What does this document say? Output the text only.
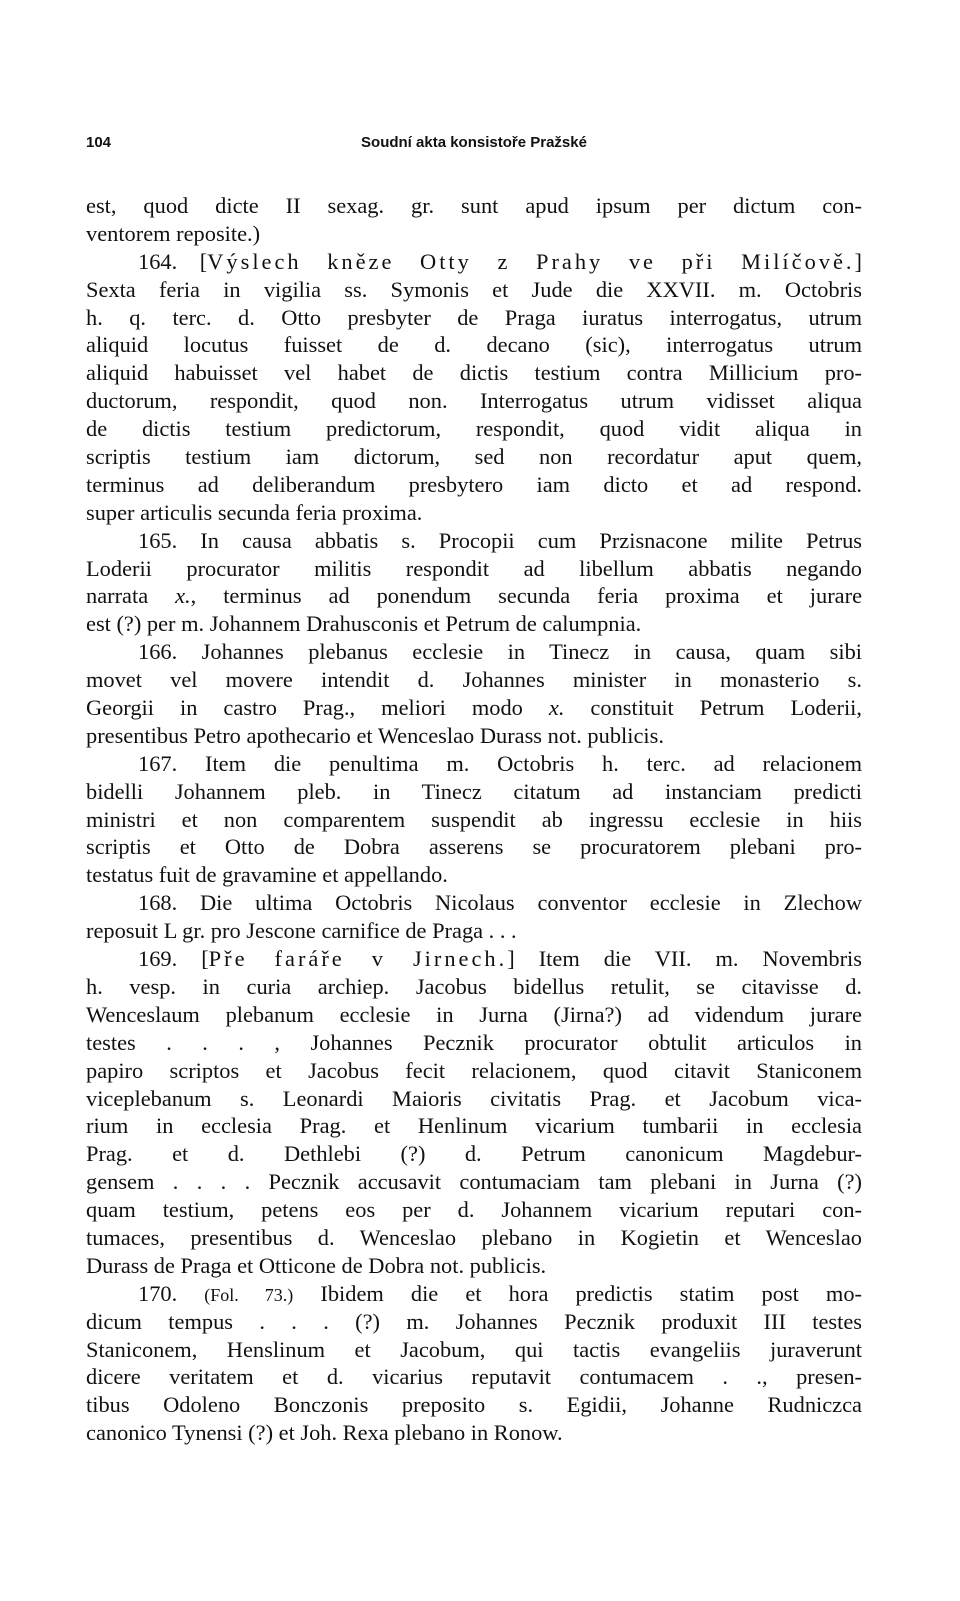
104	Soudní akta konsistoře Pražské
est, quod dicte II sexag. gr. sunt apud ipsum per dictum con-
ventorem reposite.)
164. [Výslech kněze Otty z Prahy ve při Milíčově.]
Sexta feria in vigilia ss. Symonis et Jude die XXVII. m. Octobris
h. q. terc. d. Otto presbyter de Praga iuratus interrogatus, utrum
aliquid locutus fuisset de d. decano (sic), interrogatus utrum
aliquid habuisset vel habet de dictis testium contra Millicium pro-
ductorum, respondit, quod non. Interrogatus utrum vidisset aliqua
de dictis testium predictorum, respondit, quod vidit aliqua in
scriptis testium iam dictorum, sed non recordatur aput quem,
terminus ad deliberandum presbytero iam dicto et ad respond.
super articulis secunda feria proxima.
165. In causa abbatis s. Procopii cum Przisnacone milite Petrus
Loderii procurator militis respondit ad libellum abbatis negando
narrata x., terminus ad ponendum secunda feria proxima et jurare
est (?) per m. Johannem Drahusconis et Petrum de calumpnia.
166. Johannes plebanus ecclesie in Tinecz in causa, quam sibi
movet vel movere intendit d. Johannes minister in monasterio s.
Georgii in castro Prag., meliori modo x. constituit Petrum Loderii,
presentibus Petro apothecario et Wenceslao Durass not. publicis.
167. Item die penultima m. Octobris h. terc. ad relacionem
bidelli Johannem pleb. in Tinecz citatum ad instanciam predicti
ministri et non comparentem suspendit ab ingressu ecclesie in hiis
scriptis et Otto de Dobra asserens se procuratorem plebani pro-
testatus fuit de gravamine et appellando.
168. Die ultima Octobris Nicolaus conventor ecclesie in Zlechow
reposuit L gr. pro Jescone carnifice de Praga . . .
169. [Pře faráře v Jirnech.] Item die VII. m. Novembris
h. vesp. in curia archiep. Jacobus bidellus retulit, se citavisse d.
Wenceslaum plebanum ecclesie in Jurna (Jirna?) ad videndum jurare
testes . . . , Johannes Pecznik procurator obtulit articulos in
papiro scriptos et Jacobus fecit relacionem, quod citavit Staniconem
viceplebanum s. Leonardi Maioris civitatis Prag. et Jacobum vica-
rium in ecclesia Prag. et Henlinum vicarium tumbarii in ecclesia
Prag. et d. Dethlebi (?) d. Petrum canonicum Magdebur-
gensem . . . . Pecznik accusavit contumaciam tam plebani in Jurna (?)
quam testium, petens eos per d. Johannem vicarium reputari con-
tumaces, presentibus d. Wenceslao plebano in Kogietin et Wenceslao
Durass de Praga et Otticone de Dobra not. publicis.
170. (Fol. 73.) Ibidem die et hora predictis statim post mo-
dicum tempus . . . (?) m. Johannes Pecznik produxit III testes
Staniconem, Henslinum et Jacobum, qui tactis evangeliis juraverunt
dicere veritatem et d. vicarius reputavit contumacem . ., presen-
tibus Odoleno Bonczonis preposito s. Egidii, Johanne Rudniczca
canonico Tynensi (?) et Joh. Rexa plebano in Ronow.
